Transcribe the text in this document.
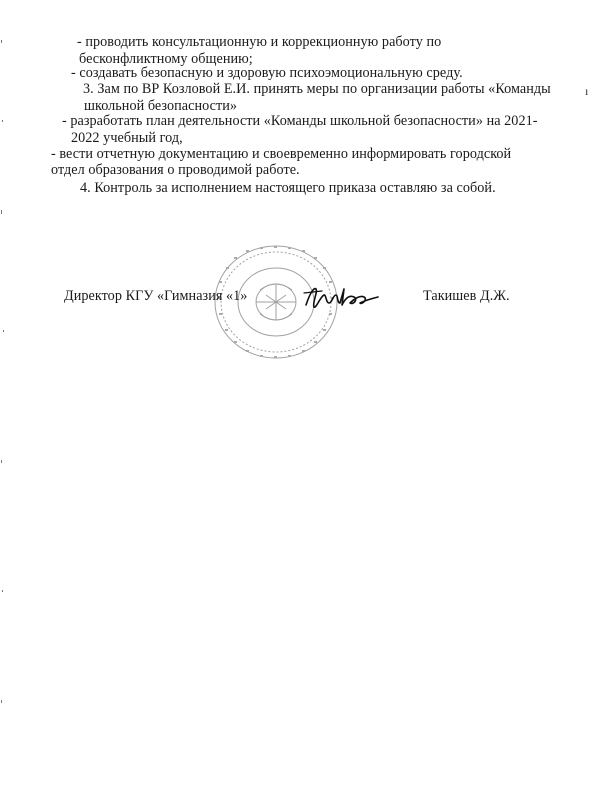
ı
- проводить консультационную и коррекционную работу по
бесконфликтному общению;
- создавать безопасную и здоровую психоэмоциональную среду.
3. Зам по ВР Козловой Е.И. принять меры по организации работы «Команды
школьной безопасности»
- разработать план деятельности «Команды школьной безопасности» на 2021-
2022 учебный год,
- вести отчетную документацию и своевременно информировать городской
отдел образования о проводимой работе.
4. Контроль за исполнением настоящего приказа оставляю за собой.
Директор КГУ «Гимназия «1»	Такишев Д.Ж.
